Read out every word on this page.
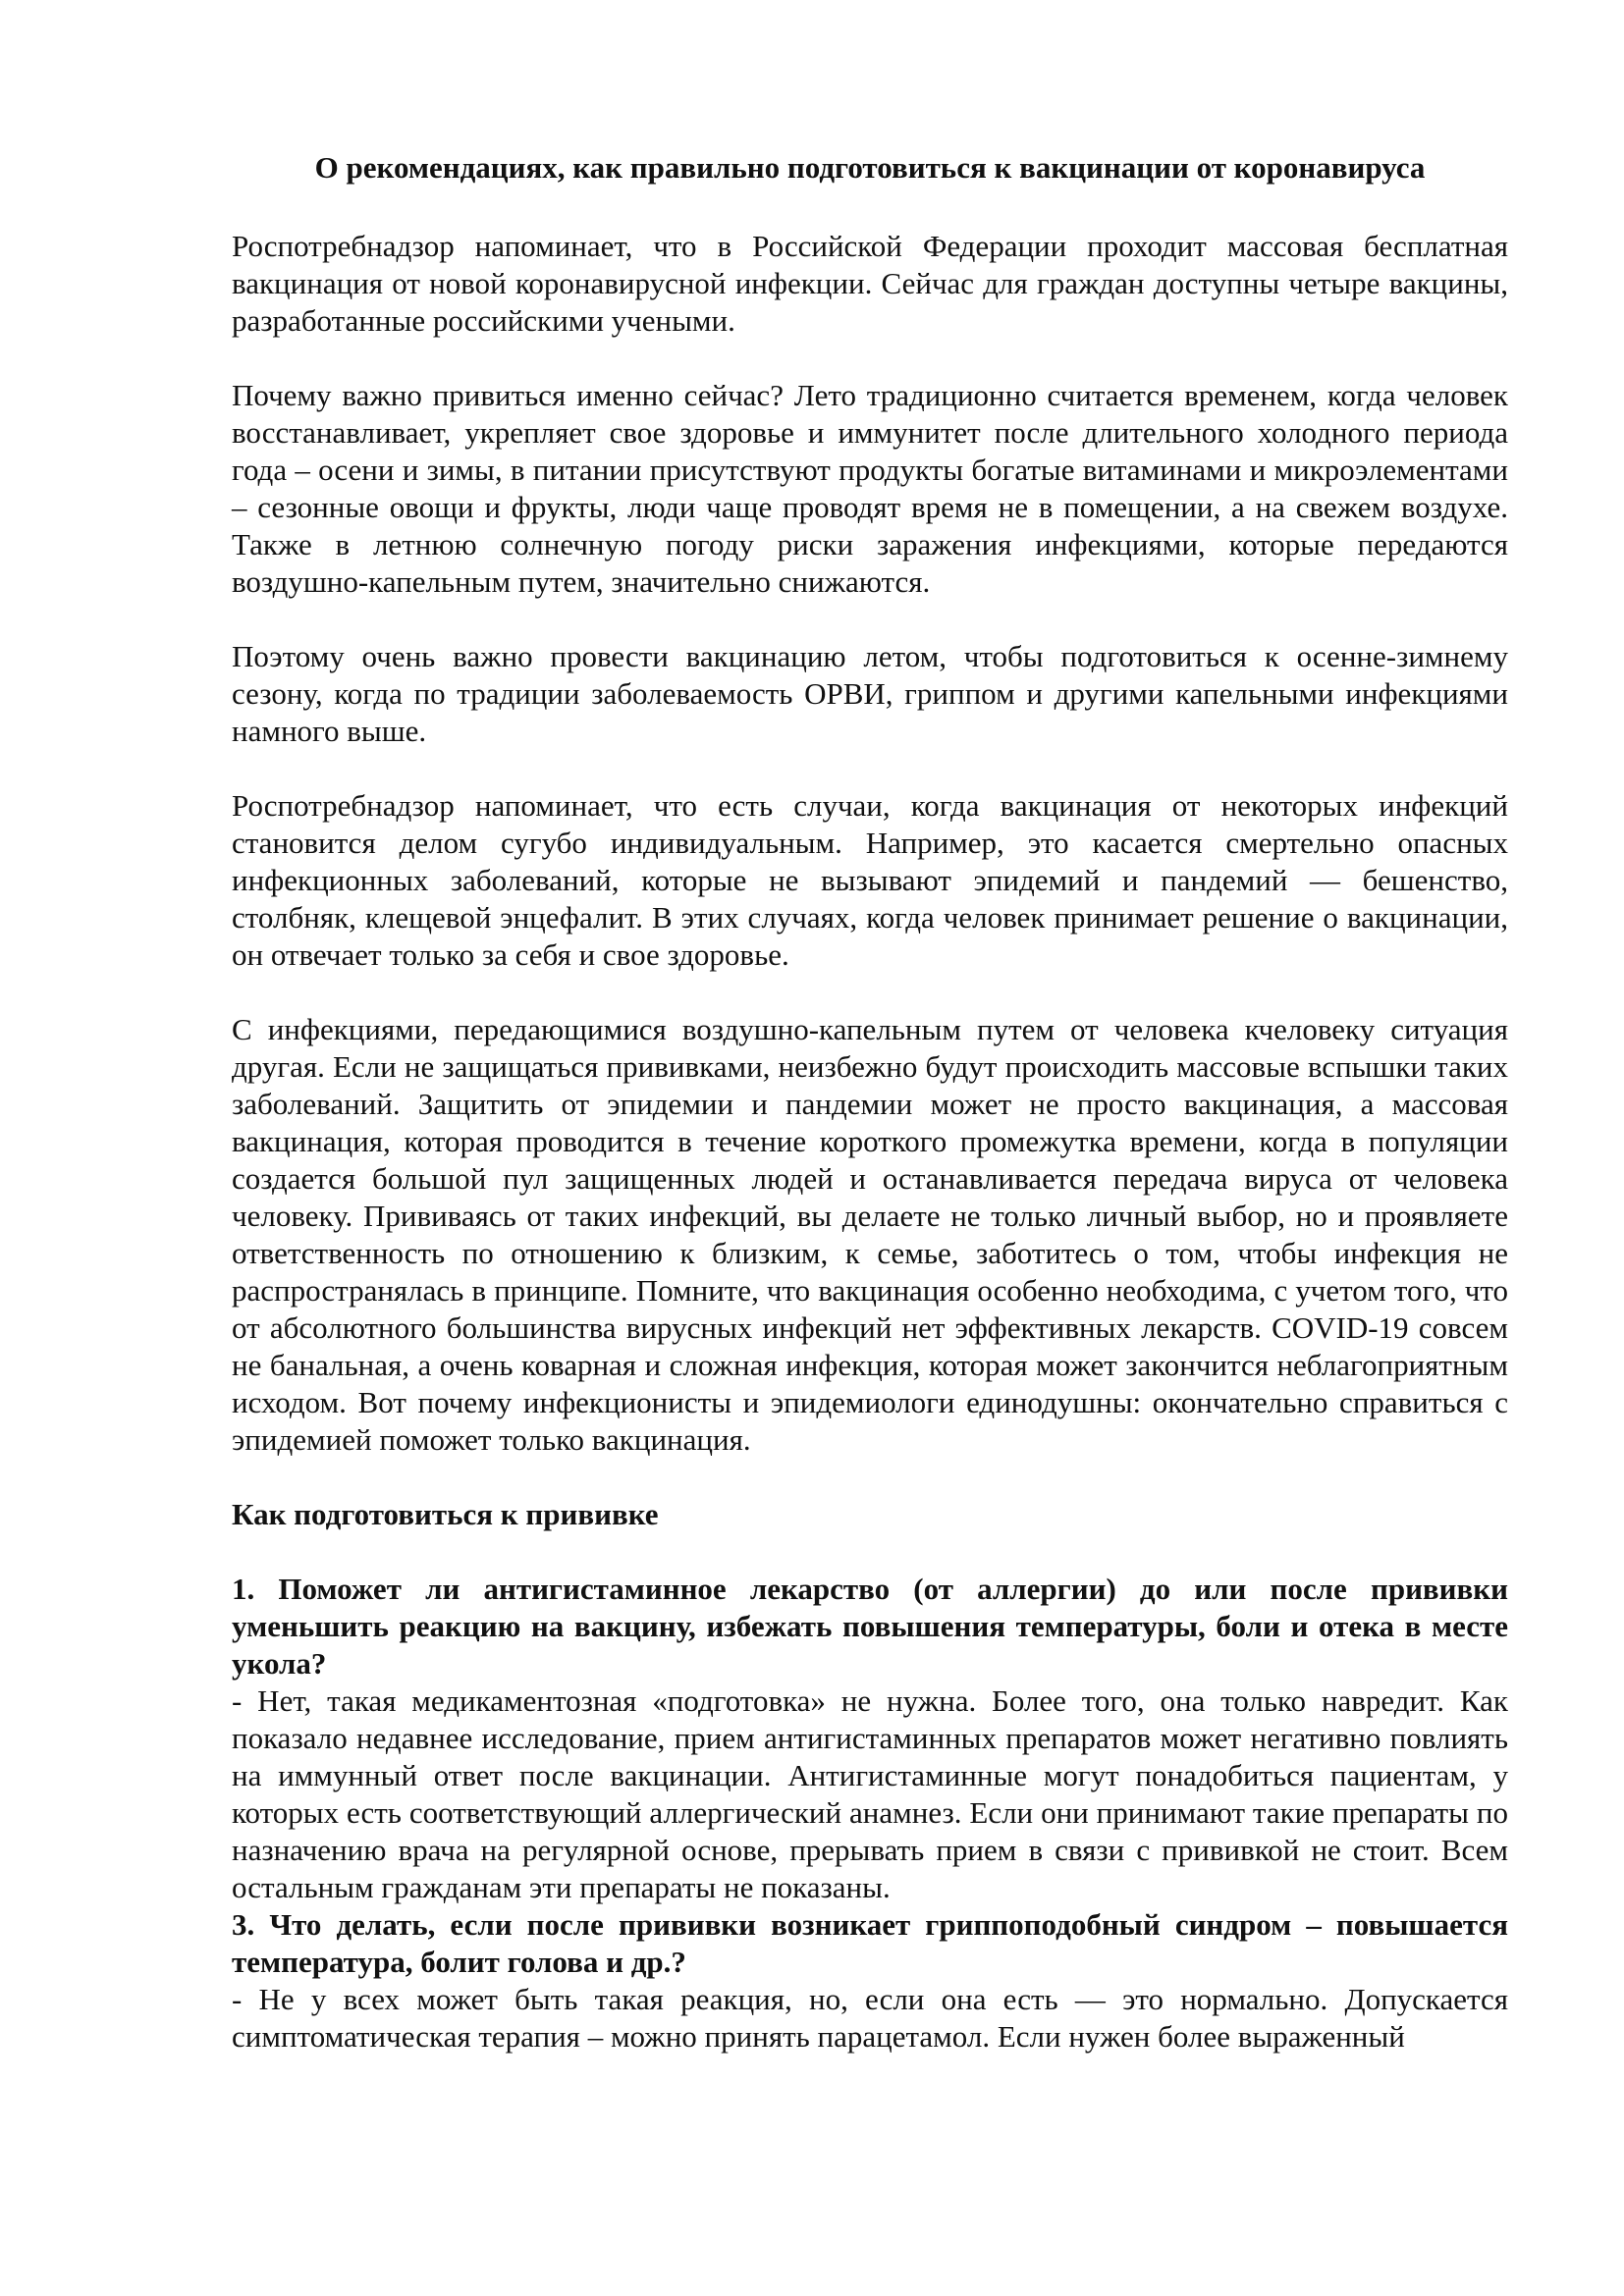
О рекомендациях, как правильно подготовиться к вакцинации от коронавируса

Роспотребнадзор напоминает, что в Российской Федерации проходит массовая бесплатная вакцинация от новой коронавирусной инфекции. Сейчас для граждан доступны четыре вакцины, разработанные российскими учеными.

Почему важно привиться именно сейчас? Лето традиционно считается временем, когда человек восстанавливает, укрепляет свое здоровье и иммунитет после длительного холодного периода года – осени и зимы, в питании присутствуют продукты богатые витаминами и микроэлементами – сезонные овощи и фрукты, люди чаще проводят время не в помещении, а на свежем воздухе. Также в летнюю солнечную погоду риски заражения инфекциями, которые передаются воздушно-капельным путем, значительно снижаются.

Поэтому очень важно провести вакцинацию летом, чтобы подготовиться к осенне-зимнему сезону, когда по традиции заболеваемость ОРВИ, гриппом и другими капельными инфекциями намного выше.

Роспотребнадзор напоминает, что есть случаи, когда вакцинация от некоторых инфекций становится делом сугубо индивидуальным. Например, это касается смертельно опасных инфекционных заболеваний, которые не вызывают эпидемий и пандемий — бешенство, столбняк, клещевой энцефалит. В этих случаях, когда человек принимает решение о вакцинации, он отвечает только за себя и свое здоровье.

С инфекциями, передающимися воздушно-капельным путем от человека кчеловеку ситуация другая. Если не защищаться прививками, неизбежно будут происходить массовые вспышки таких заболеваний. Защитить от эпидемии и пандемии может не просто вакцинация, а массовая вакцинация, которая проводится в течение короткого промежутка времени, когда в популяции создается большой пул защищенных людей и останавливается передача вируса от человека человеку. Прививаясь от таких инфекций, вы делаете не только личный выбор, но и проявляете ответственность по отношению к близким, к семье, заботитесь о том, чтобы инфекция не распространялась в принципе. Помните, что вакцинация особенно необходима, с учетом того, что от абсолютного большинства вирусных инфекций нет эффективных лекарств. COVID-19 совсем не банальная, а очень коварная и сложная инфекция, которая может закончится неблагоприятным исходом. Вот почему инфекционисты и эпидемиологи единодушны: окончательно справиться с эпидемией поможет только вакцинация.

Как подготовиться к прививке

1. Поможет ли антигистаминное лекарство (от аллергии) до или после прививки уменьшить реакцию на вакцину, избежать повышения температуры, боли и отека в месте укола?

- Нет, такая медикаментозная «подготовка» не нужна. Более того, она только навредит. Как показало недавнее исследование, прием антигистаминных препаратов может негативно повлиять на иммунный ответ после вакцинации. Антигистаминные могут понадобиться пациентам, у которых есть соответствующий аллергический анамнез. Если они принимают такие препараты по назначению врача на регулярной основе, прерывать прием в связи с прививкой не стоит. Всем остальным гражданам эти препараты не показаны.

3. Что делать, если после прививки возникает гриппоподобный синдром – повышается температура, болит голова и др.?

- Не у всех может быть такая реакция, но, если она есть — это нормально. Допускается симптоматическая терапия – можно принять парацетамол. Если нужен более выраженный
